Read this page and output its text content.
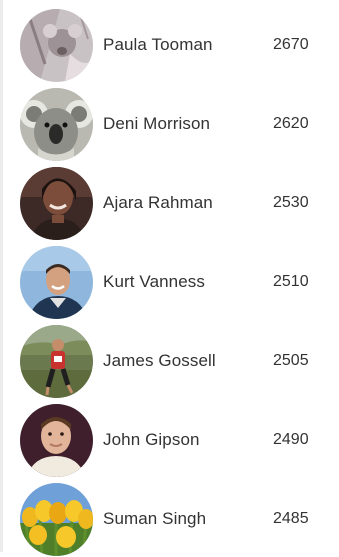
Paula Tooman	2670
Deni Morrison	2620
Ajara Rahman	2530
Kurt Vanness	2510
James Gossell	2505
John Gipson	2490
Suman Singh	2485
